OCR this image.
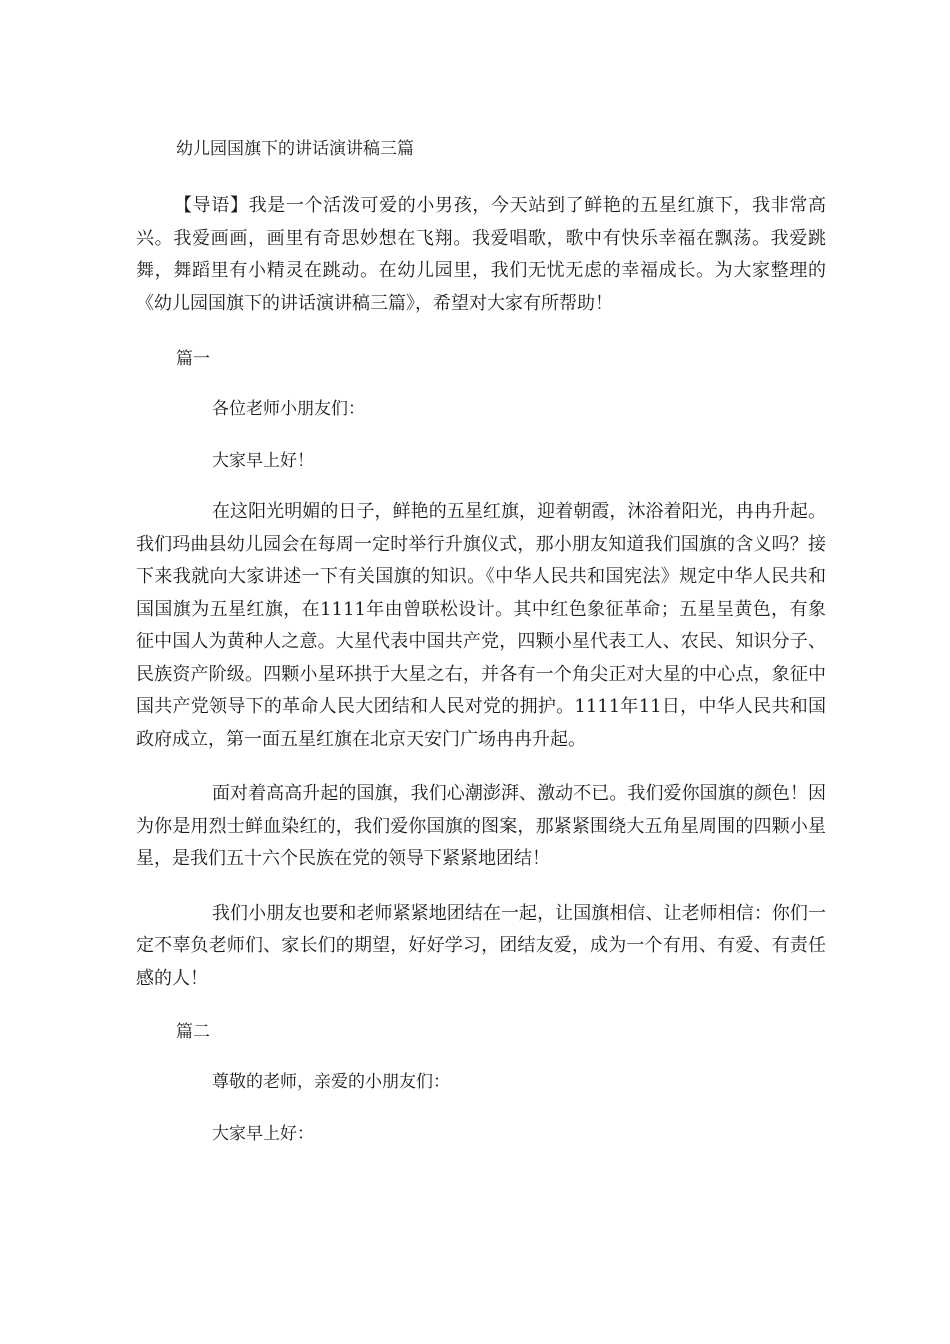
幼儿园国旗下的讲话演讲稿三篇

【导语】我是一个活泼可爱的小男孩，今天站到了鲜艳的五星红旗下，我非常高兴。我爱画画，画里有奇思妙想在飞翔。我爱唱歌，歌中有快乐幸福在飘荡。我爱跳舞，舞蹈里有小精灵在跳动。在幼儿园里，我们无忧无虑的幸福成长。为大家整理的《幼儿园国旗下的讲话演讲稿三篇》，希望对大家有所帮助！

篇一

各位老师小朋友们：

大家早上好！

在这阳光明媚的日子，鲜艳的五星红旗，迎着朝霞，沐浴着阳光，冉冉升起。我们玛曲县幼儿园会在每周一定时举行升旗仪式，那小朋友知道我们国旗的含义吗？接下来我就向大家讲述一下有关国旗的知识。《中华人民共和国宪法》规定中华人民共和国国旗为五星红旗，在1111年由曾联松设计。其中红色象征革命；五星呈黄色，有象征中国人为黄种人之意。大星代表中国共产党，四颗小星代表工人、农民、知识分子、民族资产阶级。四颗小星环拱于大星之右，并各有一个角尖正对大星的中心点，象征中国共产党领导下的革命人民大团结和人民对党的拥护。1111年11日，中华人民共和国政府成立，第一面五星红旗在北京天安门广场冉冉升起。

面对着高高升起的国旗，我们心潮澎湃、激动不已。我们爱你国旗的颜色！因为你是用烈士鲜血染红的，我们爱你国旗的图案，那紧紧围绕大五角星周围的四颗小星星，是我们五十六个民族在党的领导下紧紧地团结！

我们小朋友也要和老师紧紧地团结在一起，让国旗相信、让老师相信：你们一定不辜负老师们、家长们的期望，好好学习，团结友爱，成为一个有用、有爱、有责任感的人！

篇二

尊敬的老师，亲爱的小朋友们：

大家早上好：
